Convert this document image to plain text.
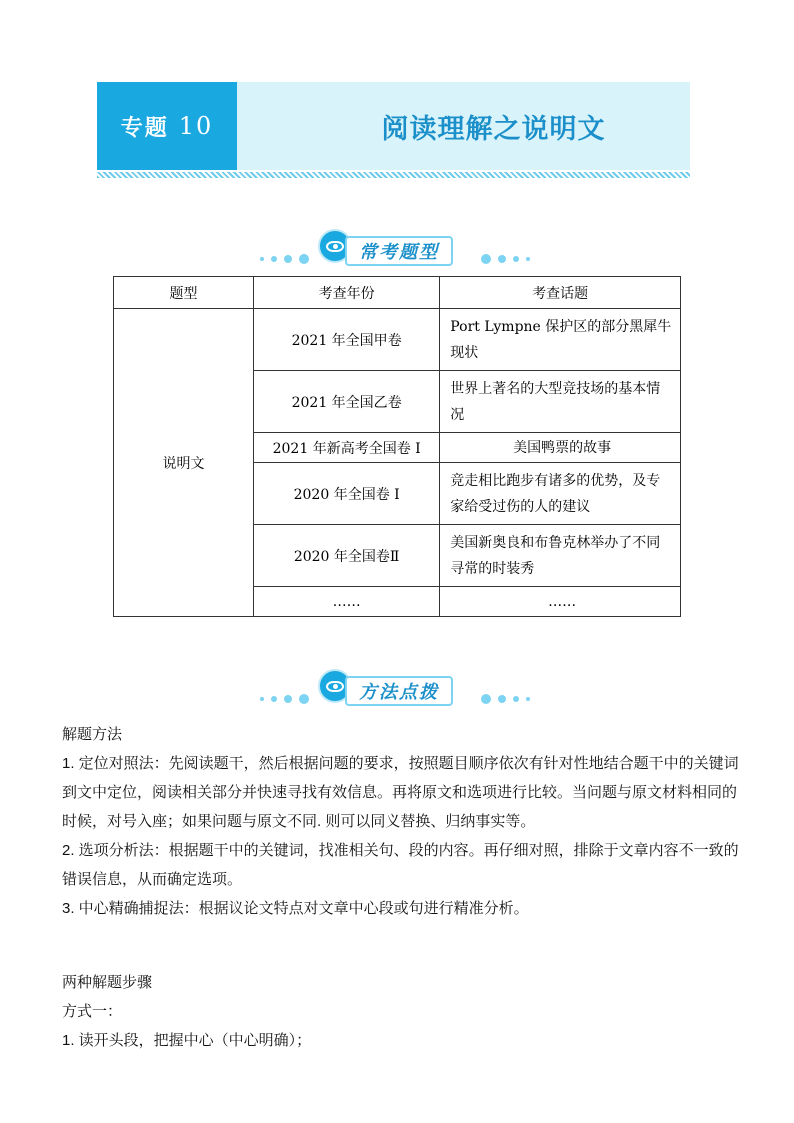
专题 10	阅读理解之说明文
常考题型
题型	考查年份	考查话题
说明文	2021 年全国甲卷	Port Lympne 保护区的部分黑犀牛现状
	2021 年全国乙卷	世界上著名的大型竞技场的基本情况
	2021 年新高考全国卷 I	美国鸭票的故事
	2020 年全国卷 I	竞走相比跑步有诸多的优势，及专家给受过伤的人的建议
	2020 年全国卷Ⅱ	美国新奥良和布鲁克林举办了不同寻常的时装秀
	……	……
方法点拨

解题方法

1. 定位对照法：先阅读题干，然后根据问题的要求，按照题目顺序依次有针对性地结合题干中的关键词到文中定位，阅读相关部分并快速寻找有效信息。再将原文和选项进行比较。当问题与原文材料相同的时候，对号入座；如果问题与原文不同. 则可以同义替换、归纳事实等。

2. 选项分析法：根据题干中的关键词，找准相关句、段的内容。再仔细对照，排除于文章内容不一致的错误信息，从而确定选项。

3. 中心精确捕捉法：根据议论文特点对文章中心段或句进行精准分析。

两种解题步骤

方式一：

1. 读开头段，把握中心（中心明确）；
